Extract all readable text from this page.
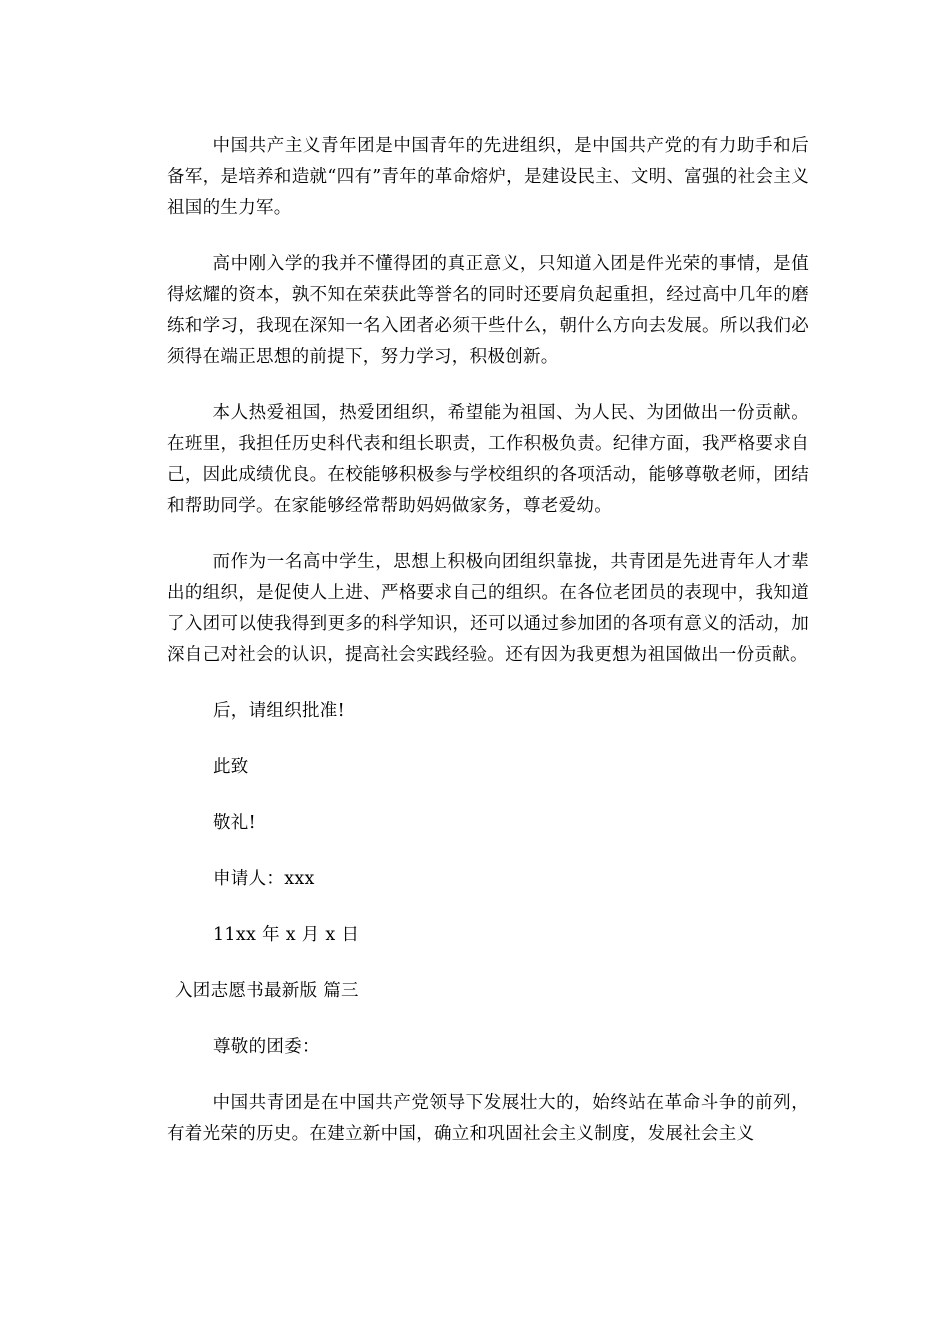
中国共产主义青年团是中国青年的先进组织，是中国共产党的有力助手和后备军，是培养和造就“四有”青年的革命熔炉，是建设民主、文明、富强的社会主义祖国的生力军。

高中刚入学的我并不懂得团的真正意义，只知道入团是件光荣的事情，是值得炫耀的资本，孰不知在荣获此等誉名的同时还要肩负起重担，经过高中几年的磨练和学习，我现在深知一名入团者必须干些什么，朝什么方向去发展。所以我们必须得在端正思想的前提下，努力学习，积极创新。

本人热爱祖国，热爱团组织，希望能为祖国、为人民、为团做出一份贡献。在班里，我担任历史科代表和组长职责，工作积极负责。纪律方面，我严格要求自己，因此成绩优良。在校能够积极参与学校组织的各项活动，能够尊敬老师，团结和帮助同学。在家能够经常帮助妈妈做家务，尊老爱幼。

而作为一名高中学生，思想上积极向团组织靠拢，共青团是先进青年人才辈出的组织，是促使人上进、严格要求自己的组织。在各位老团员的表现中，我知道了入团可以使我得到更多的科学知识，还可以通过参加团的各项有意义的活动，加深自己对社会的认识，提高社会实践经验。还有因为我更想为祖国做出一份贡献。

后，请组织批准!
此致
敬礼!
申请人：xxx
11xx 年 x 月 x 日
入团志愿书最新版 篇三
尊敬的团委：

中国共青团是在中国共产党领导下发展壮大的，始终站在革命斗争的前列，有着光荣的历史。在建立新中国，确立和巩固社会主义制度，发展社会主义
